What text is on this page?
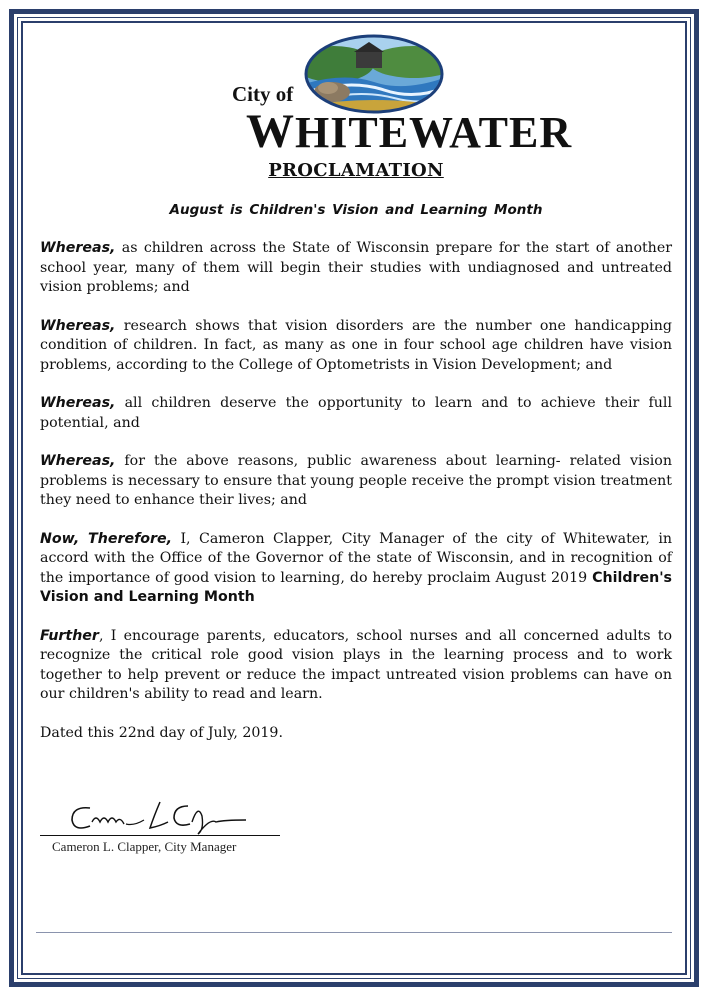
City of
WHITEWATER
PROCLAMATION
August is Children's Vision and Learning Month

Whereas, as children across the State of Wisconsin prepare for the start of another school year, many of them will begin their studies with undiagnosed and untreated vision problems; and

Whereas, research shows that vision disorders are the number one handicapping condition of children. In fact, as many as one in four school age children have vision problems, according to the College of Optometrists in Vision Development; and

Whereas, all children deserve the opportunity to learn and to achieve their full potential, and

Whereas, for the above reasons, public awareness about learning- related vision problems is necessary to ensure that young people receive the prompt vision treatment they need to enhance their lives; and

Now, Therefore, I, Cameron Clapper, City Manager of the city of Whitewater, in accord with the Office of the Governor of the state of Wisconsin, and in recognition of the importance of good vision to learning, do hereby proclaim August 2019 Children's Vision and Learning Month

Further, I encourage parents, educators, school nurses and all concerned adults to recognize the critical role good vision plays in the learning process and to work together to help prevent or reduce the impact untreated vision problems can have on our children's ability to read and learn.

Dated this 22nd day of July, 2019.

Cameron L. Clapper, City Manager
